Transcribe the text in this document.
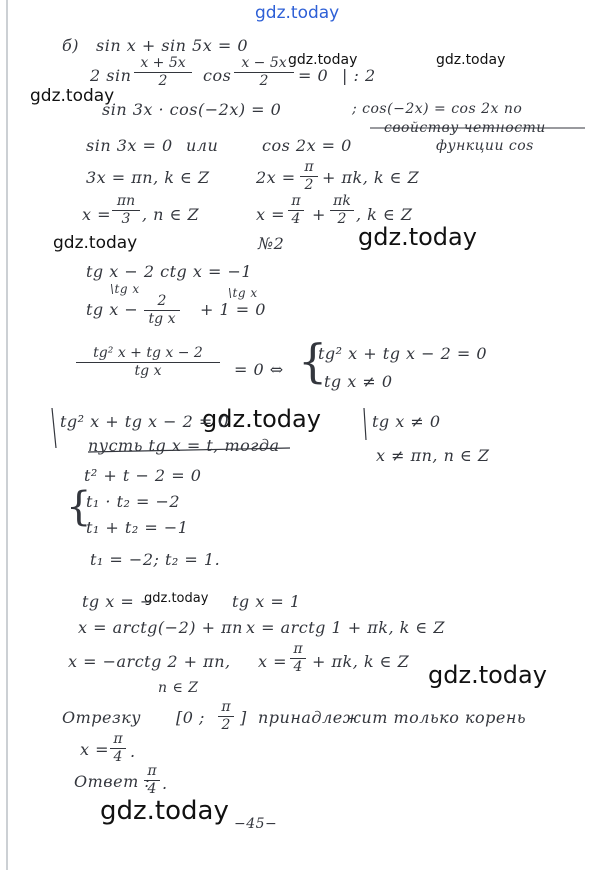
gdz.today
gdz.today	gdz.today
gdz.today
gdz.today	gdz.today
gdz.today
gdz.today
gdz.today
gdz.today
б) sin x + sin 5x = 0
2 sin
x + 5x
2	cos
x − 5x
2	= 0 | : 2
sin 3x · cos(−2x) = 0	; cos(−2x) = cos 2x по
свойству четности
функции cos
sin 3x = 0 или	cos 2x = 0
3x = πn, k ∈ Z	2x =
π
2 + πk, k ∈ Z
x =
πn
3 , n ∈ Z	x =
π
4 +
πk
2 , k ∈ Z
№2
tg x − 2 ctg x = −1
\tg x	\tg x
tg x −	2
tg x + 1 = 0
tg² x + tg x − 2
tg x	= 0 ⇔ {
tg² x + tg x − 2 = 0
tg x ≠ 0
tg² x + tg x − 2 = 0	tg x ≠ 0
пусть tg x = t, тогда
x ≠ πn, n ∈ Z
t² + t − 2 = 0
{
t₁ · t₂ = −2
t₁ + t₂ = −1
t₁ = −2; t₂ = 1.
tg x = −	tg x = 1
x = arctg(−2) + πn x = arctg 1 + πk, k ∈ Z
x = −arctg 2 + πn, x =
π
4 + πk, k ∈ Z
n ∈ Z
Отрезку [0 ;
π
2 ] принадлежит только корень
x =
π
4 .
Ответ :
π
4 .
−45−
